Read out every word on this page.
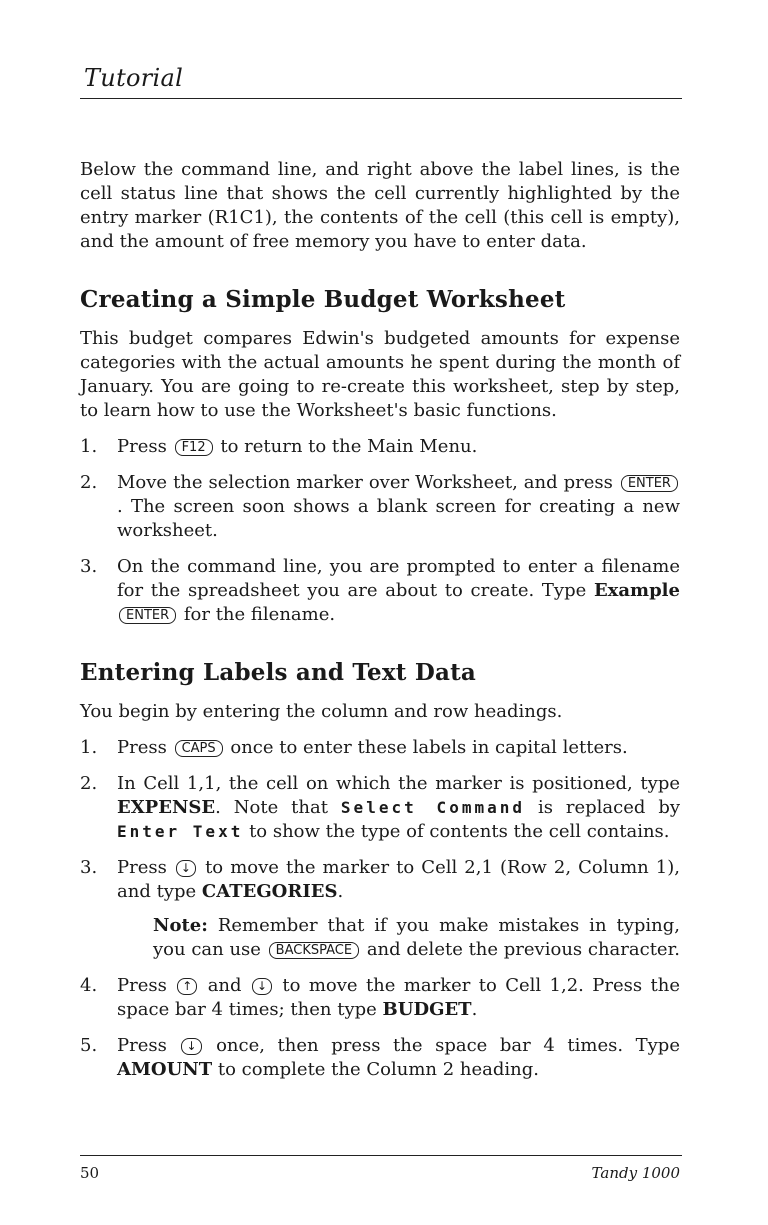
Tutorial

Below the command line, and right above the label lines, is the cell status line that shows the cell currently highlighted by the entry marker (R1C1), the contents of the cell (this cell is empty), and the amount of free memory you have to enter data.

Creating a Simple Budget Worksheet

This budget compares Edwin's budgeted amounts for expense categories with the actual amounts he spent during the month of January. You are going to re-create this worksheet, step by step, to learn how to use the Worksheet's basic functions.

1. Press F12 to return to the Main Menu.
2. Move the selection marker over Worksheet, and press ENTER. The screen soon shows a blank screen for creating a new worksheet.
3. On the command line, you are prompted to enter a filename for the spreadsheet you are about to create. Type Example ENTER for the filename.
Entering Labels and Text Data

You begin by entering the column and row headings.

1. Press CAPS once to enter these labels in capital letters.
2. In Cell 1,1, the cell on which the marker is positioned, type EXPENSE. Note that Select Command is replaced by Enter Text to show the type of contents the cell contains.
3. Press ↓ to move the marker to Cell 2,1 (Row 2, Column 1), and type CATEGORIES.
Note: Remember that if you make mistakes in typing, you can use BACKSPACE and delete the previous character.
4. Press ↑ and ↓ to move the marker to Cell 1,2. Press the space bar 4 times; then type BUDGET.
5. Press ↓ once, then press the space bar 4 times. Type AMOUNT to complete the Column 2 heading.
50	Tandy 1000
